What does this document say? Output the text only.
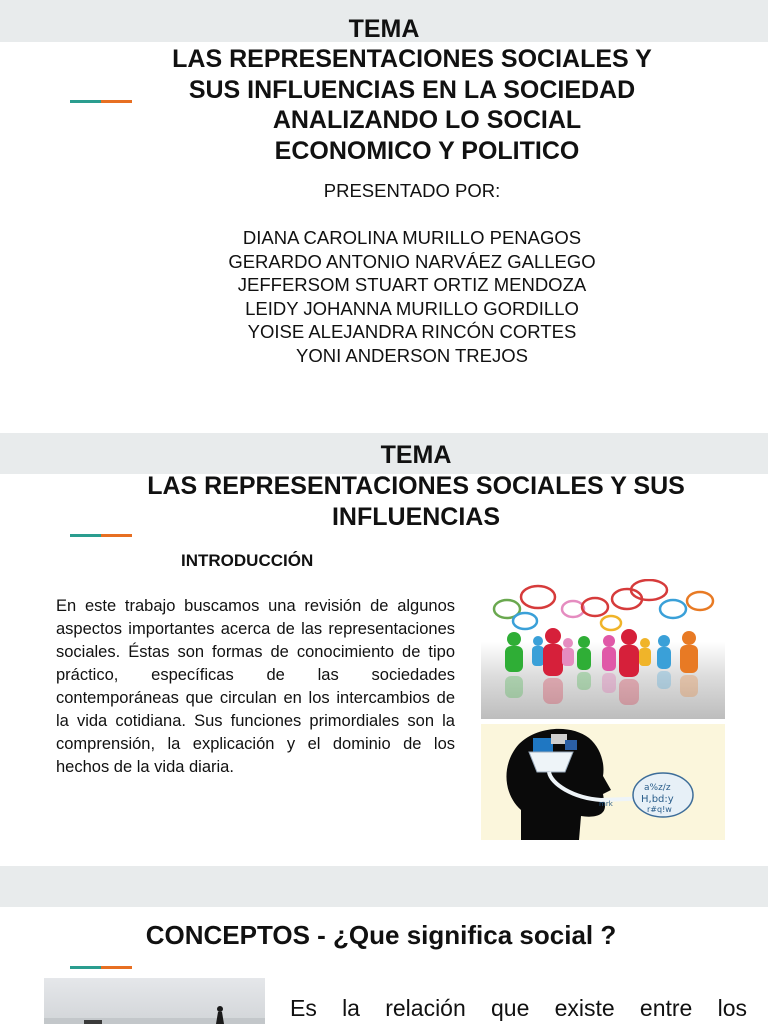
TEMA
LAS REPRESENTACIONES SOCIALES Y
SUS INFLUENCIAS EN LA SOCIEDAD
ANALIZANDO LO SOCIAL
ECONOMICO Y POLITICO
PRESENTADO POR:
DIANA CAROLINA MURILLO PENAGOS
GERARDO ANTONIO NARVÁEZ GALLEGO
JEFFERSOM STUART ORTIZ MENDOZA
LEIDY JOHANNA MURILLO GORDILLO
YOISE ALEJANDRA RINCÓN CORTES
YONI ANDERSON TREJOS
TEMA
LAS REPRESENTACIONES SOCIALES Y SUS
INFLUENCIAS
INTRODUCCIÓN
En este trabajo buscamos una revisión de algunos aspectos importantes acerca de las representaciones sociales. Éstas son formas de conocimiento de tipo práctico, específicas de las sociedades contemporáneas que circulan en los intercambios de la vida cotidiana. Sus funciones primordiales son la comprensión, la explicación y el dominio de los hechos de la vida diaria.
a%z/z
H,bd:y
r#q!w
mrk
CONCEPTOS - ¿Que significa social ?
Es la relación que existe entre los
